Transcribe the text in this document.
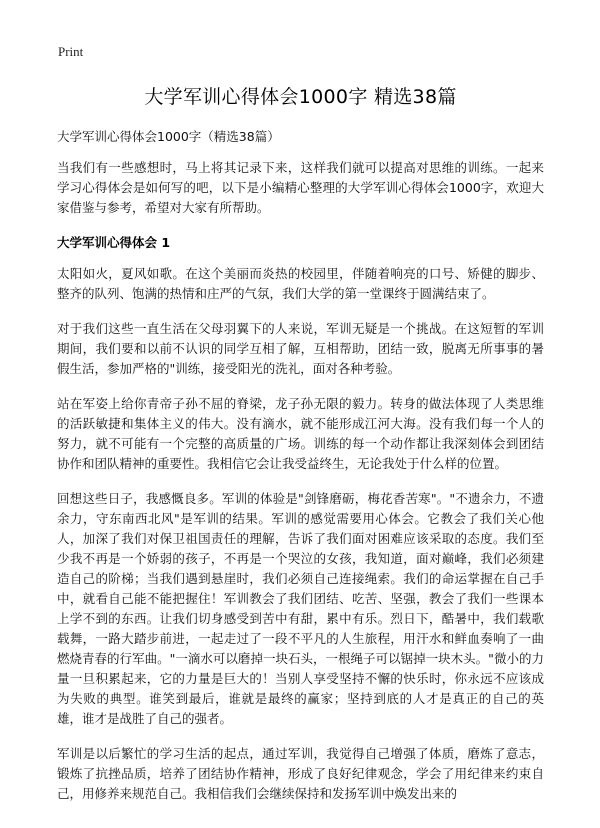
Print
大学军训心得体会1000字 精选38篇
大学军训心得体会1000字（精选38篇）
当我们有一些感想时，马上将其记录下来，这样我们就可以提高对思维的训练。一起来学习心得体会是如何写的吧，以下是小编精心整理的大学军训心得体会1000字，欢迎大家借鉴与参考，希望对大家有所帮助。
大学军训心得体会 1
太阳如火，夏风如歌。在这个美丽而炎热的校园里，伴随着响亮的口号、矫健的脚步、整齐的队列、饱满的热情和庄严的气氛，我们大学的第一堂课终于圆满结束了。
对于我们这些一直生活在父母羽翼下的人来说，军训无疑是一个挑战。在这短暂的军训期间，我们要和以前不认识的同学互相了解，互相帮助，团结一致，脱离无所事事的暑假生活，参加严格的"训练，接受阳光的洗礼，面对各种考验。
站在军姿上给你青帝子孙不屈的脊梁，龙子孙无限的毅力。转身的做法体现了人类思维的活跃敏捷和集体主义的伟大。没有滴水，就不能形成江河大海。没有我们每一个人的努力，就不可能有一个完整的高质量的广场。训练的每一个动作都让我深刻体会到团结协作和团队精神的重要性。我相信它会让我受益终生，无论我处于什么样的位置。
回想这些日子，我感慨良多。军训的体验是"剑锋磨砺，梅花香苦寒"。"不遗余力，不遗余力，守东南西北风"是军训的结果。军训的感觉需要用心体会。它教会了我们关心他人，加深了我们对保卫祖国责任的理解，告诉了我们面对困难应该采取的态度。我们至少我不再是一个娇弱的孩子，不再是一个哭泣的女孩，我知道，面对巅峰，我们必须建造自己的阶梯；当我们遇到悬崖时，我们必须自己连接绳索。我们的命运掌握在自己手中，就看自己能不能把握住！军训教会了我们团结、吃苦、坚强，教会了我们一些课本上学不到的东西。让我们切身感受到苦中有甜，累中有乐。烈日下，酷暑中，我们载歌载舞，一路大踏步前进，一起走过了一段不平凡的人生旅程，用汗水和鲜血奏响了一曲燃烧青春的行军曲。"一滴水可以磨掉一块石头，一根绳子可以锯掉一块木头。"微小的力量一旦积累起来，它的力量是巨大的！当别人享受坚持不懈的快乐时，你永远不应该成为失败的典型。谁笑到最后，谁就是最终的赢家；坚持到底的人才是真正的自己的英雄，谁才是战胜了自己的强者。
军训是以后繁忙的学习生活的起点，通过军训，我觉得自己增强了体质，磨炼了意志，锻炼了抗挫品质，培养了团结协作精神，形成了良好纪律观念，学会了用纪律来约束自己，用修养来规范自己。我相信我们会继续保持和发扬军训中焕发出来的
